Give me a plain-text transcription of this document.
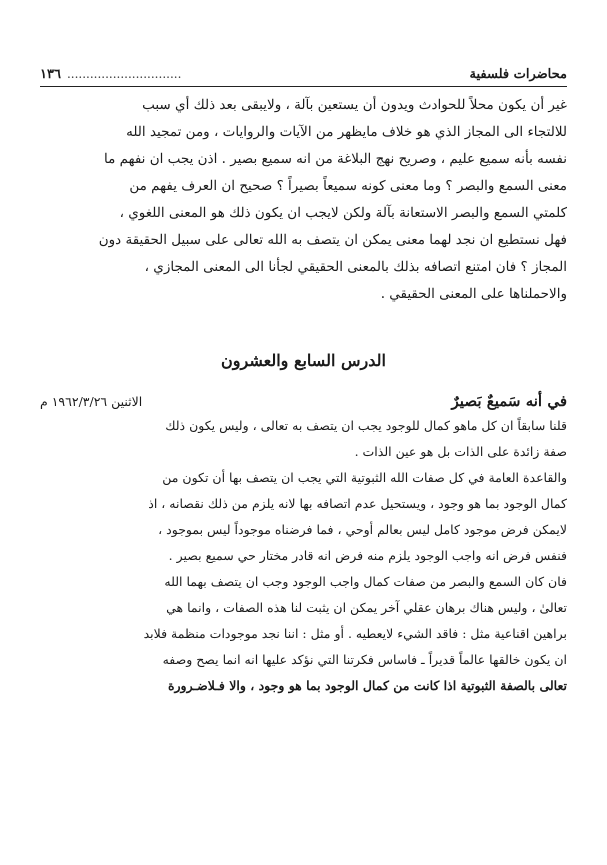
محاضرات فلسفية
..............................
١٣٦
غير أن يكون محلاً للحوادث ويدون أن يستعين بآلة ، ولايبقى بعد ذلك أي سبب
للالتجاء الى المجاز الذي هو خلاف مايظهر من الآيات والروايات ، ومن تمجيد الله
نفسه بأنه سميع عليم ، وصريح نهج البلاغة من انه سميع بصير . اذن يجب ان نفهم ما
معنى السمع والبصر ؟ وما معنى كونه سميعاً بصيراً ؟ صحيح ان العرف يفهم من
كلمتي السمع والبصر الاستعانة بآلة ولكن لايجب ان يكون ذلك هو المعنى اللغوي ،
فهل نستطيع ان نجد لهما معنى يمكن ان يتصف به الله تعالى على سبيل الحقيقة دون
المجاز ؟ فان امتنع اتصافه بذلك بالمعنى الحقيقي لجأنا الى المعنى المجازي ،
والاحملناها على المعنى الحقيقي .
الدرس السابع والعشرون
في أنه سَميعٌ بَصيرٌ
الاثنين ١٩٦٢/٣/٢٦ م
قلنا سابقاً ان كل ماهو كمال للوجود يجب ان يتصف به تعالى ، وليس يكون ذلك
صفة زائدة على الذات بل هو عين الذات .
والقاعدة العامة في كل صفات الله الثبوتية التي يجب ان يتصف بها أن تكون من
كمال الوجود بما هو وجود ، ويستحيل عدم اتصافه بها لانه يلزم من ذلك نقصانه ، اذ
لايمكن فرض موجود كامل ليس بعالم أوحي ، فما فرضناه موجوداً ليس بموجود ،
فنفس فرض انه واجب الوجود يلزم منه فرض انه قادر مختار حي سميع بصير .
فان كان السمع والبصر من صفات كمال واجب الوجود وجب ان يتصف بهما الله
تعالىٰ ، وليس هناك برهان عقلي آخر يمكن ان يثبت لنا هذه الصفات ، وانما هي
براهين اقناعية مثل : فاقد الشيء لايعطيه . أو مثل : اننا نجد موجودات منظمة فلابد
ان يكون خالقها عالماً قديراً ـ فاساس فكرتنا التي نؤكد عليها انه انما يصح وصفه
تعالى بالصفة الثبوتية اذا كانت من كمال الوجود بما هو وجود ، والا فـلاضـرورة
